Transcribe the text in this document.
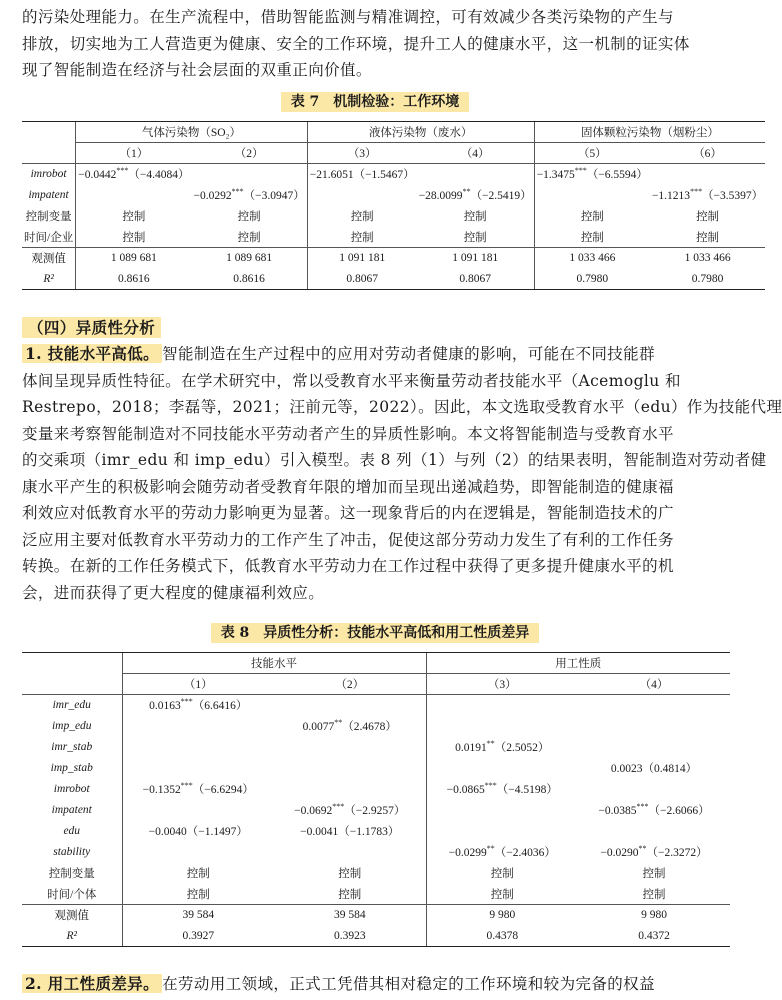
的污染处理能力。在生产流程中，借助智能监测与精准调控，可有效减少各类污染物的产生与
排放，切实地为工人营造更为健康、安全的工作环境，提升工人的健康水平，这一机制的证实体
现了智能制造在经济与社会层面的双重正向价值。
表 7　机制检验：工作环境
	气体污染物（SO₂）		液体污染物（废水）		固体颗粒污染物（烟粉尘）	
	（1）	（2）	（3）	（4）	（5）	（6）
imrobot	−0.0442***（−4.4084）		−21.6051（−1.5467）		−1.3475***（−6.5594）	
impatent		−0.0292***（−3.0947）		−28.0099**（−2.5419）		−1.1213***（−3.5397）
控制变量	控制	控制	控制	控制	控制	控制
时间/企业	控制	控制	控制	控制	控制	控制
观测值	1 089 681	1 089 681	1 091 181	1 091 181	1 033 466	1 033 466
R²	0.8616	0.8616	0.8067	0.8067	0.7980	0.7980
（四）异质性分析
1. 技能水平高低。 智能制造在生产过程中的应用对劳动者健康的影响，可能在不同技能群
体间呈现异质性特征。在学术研究中，常以受教育水平来衡量劳动者技能水平（Acemoglu 和
Restrepo，2018；李磊等，2021；汪前元等，2022）。因此，本文选取受教育水平（edu）作为技能代理
变量来考察智能制造对不同技能水平劳动者产生的异质性影响。本文将智能制造与受教育水平
的交乘项（imr_edu 和 imp_edu）引入模型。表 8 列（1）与列（2）的结果表明，智能制造对劳动者健
康水平产生的积极影响会随劳动者受教育年限的增加而呈现出递减趋势，即智能制造的健康福
利效应对低教育水平的劳动力影响更为显著。这一现象背后的内在逻辑是，智能制造技术的广
泛应用主要对低教育水平劳动力的工作产生了冲击，促使这部分劳动力发生了有利的工作任务
转换。在新的工作任务模式下，低教育水平劳动力在工作过程中获得了更多提升健康水平的机
会，进而获得了更大程度的健康福利效应。
表 8　异质性分析：技能水平高低和用工性质差异
	技能水平		用工性质	
	（1）	（2）	（3）	（4）
imr_edu	0.0163***（6.6416）			
imp_edu		0.0077**（2.4678）		
imr_stab			0.0191**（2.5052）	
imp_stab				0.0023（0.4814）
imrobot	−0.1352***（−6.6294）		−0.0865***（−4.5198）	
impatent		−0.0692***（−2.9257）		−0.0385***（−2.6066）
edu	−0.0040（−1.1497）	−0.0041（−1.1783）		
stability			−0.0299**（−2.4036）	−0.0290**（−2.3272）
控制变量	控制	控制	控制	控制
时间/个体	控制	控制	控制	控制
观测值	39 584	39 584	9 980	9 980
R²	0.3927	0.3923	0.4378	0.4372
2. 用工性质差异。 在劳动用工领域，正式工凭借其相对稳定的工作环境和较为完备的权益
